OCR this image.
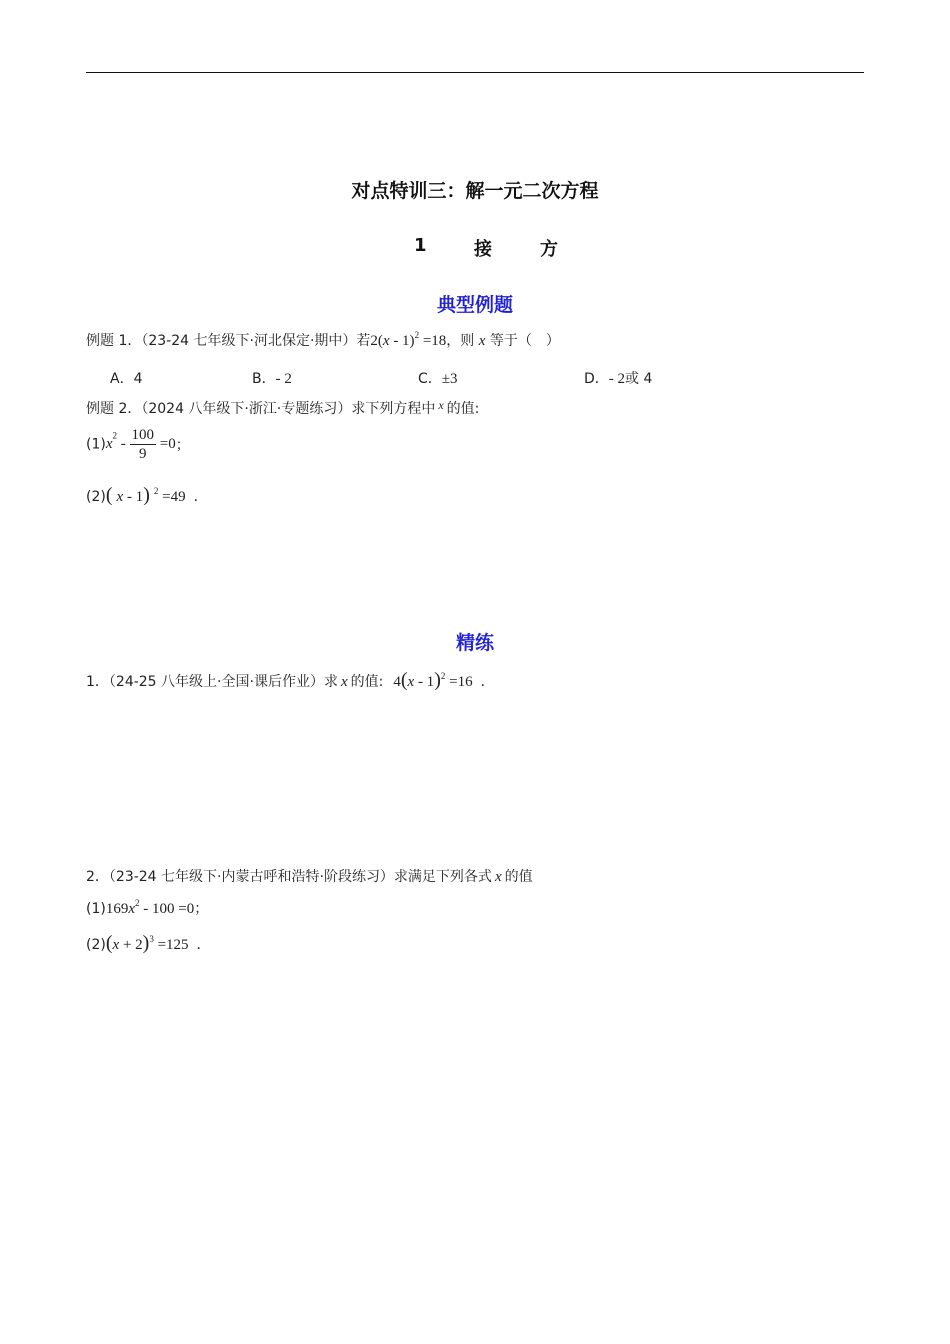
对点特训三：解一元二次方程
1	接	方
典型例题
例题 1．（23-24 七年级下·河北保定·期中）若2(x - 1)$^2$ =18，则 x 等于（　）
A．4	B．- 2	C．±3	D．- 2或 4
例题 2．（2024 八年级下·浙江·专题练习）求下列方程中 x 的值:
$(1)x^2 - \frac{100}{9} =0$；
(2)( x - 1) $^2$ =49 ．
精练
1．（24-25 八年级上·全国·课后作业）求 x 的值: 4(x - 1)$^2$ =16 ．
2．（23-24 七年级下·内蒙古呼和浩特·阶段练习）求满足下列各式 x 的值
$(1)169x^2 - 100 =0$；
$(2)(x + 2)^3 =125$ ．
